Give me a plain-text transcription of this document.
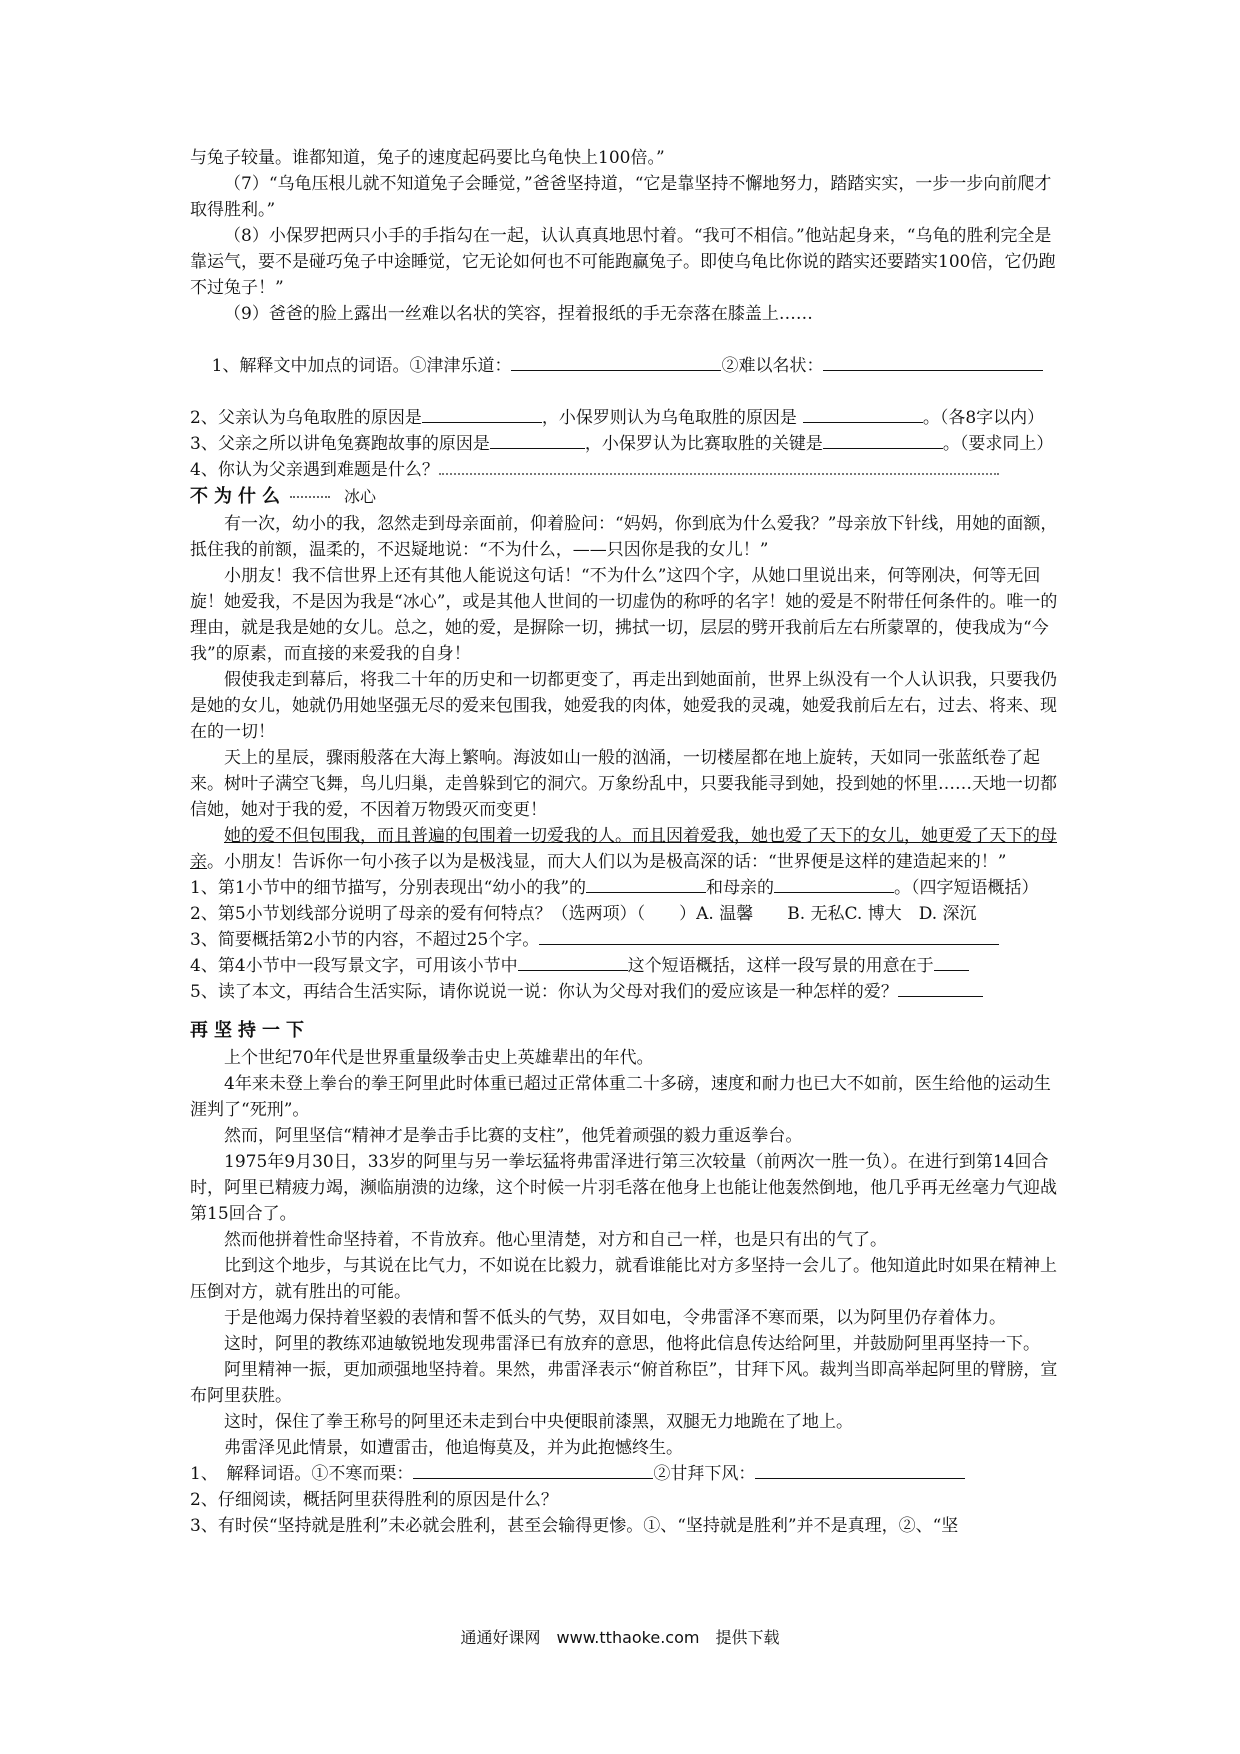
与兔子较量。谁都知道，兔子的速度起码要比乌龟快上100倍。”

（7）“乌龟压根儿就不知道兔子会睡觉，”爸爸坚持道，“它是靠坚持不懈地努力，踏踏实实，一步一步向前爬才取得胜利。”

（8）小保罗把两只小手的手指勾在一起，认认真真地思忖着。“我可不相信。”他站起身来，“乌龟的胜利完全是靠运气，要不是碰巧兔子中途睡觉，它无论如何也不可能跑赢兔子。即使乌龟比你说的踏实还要踏实100倍，它仍跑不过兔子！”

（9）爸爸的脸上露出一丝难以名状的笑容，捏着报纸的手无奈落在膝盖上……

1、解释文中加点的词语。①津津乐道：	②难以名状：

2、父亲认为乌龟取胜的原因是	，小保罗则认为乌龟取胜的原因是	。（各8字以内）

3、父亲之所以讲龟兔赛跑故事的原因是	，小保罗认为比赛取胜的关键是	。（要求同上）

4、你认为父亲遇到难题是什么？

不为什么	冰心

有一次，幼小的我，忽然走到母亲面前，仰着脸问：“妈妈，你到底为什么爱我？”母亲放下针线，用她的面额，抵住我的前额，温柔的，不迟疑地说：“不为什么，——只因你是我的女儿！”

小朋友！我不信世界上还有其他人能说这句话！“不为什么”这四个字，从她口里说出来，何等刚决，何等无回旋！她爱我，不是因为我是“冰心”，或是其他人世间的一切虚伪的称呼的名字！她的爱是不附带任何条件的。唯一的理由，就是我是她的女儿。总之，她的爱，是摒除一切，拂拭一切，层层的劈开我前后左右所蒙罩的，使我成为“今我”的原素，而直接的来爱我的自身！

假使我走到幕后，将我二十年的历史和一切都更变了，再走出到她面前，世界上纵没有一个人认识我，只要我仍是她的女儿，她就仍用她坚强无尽的爱来包围我，她爱我的肉体，她爱我的灵魂，她爱我前后左右，过去、将来、现在的一切！

天上的星辰，骤雨般落在大海上繁响。海波如山一般的汹涌，一切楼屋都在地上旋转，天如同一张蓝纸卷了起来。树叶子满空飞舞，鸟儿归巢，走兽躲到它的洞穴。万象纷乱中，只要我能寻到她，投到她的怀里……天地一切都信她，她对于我的爱，不因着万物毁灭而变更！

她的爱不但包围我，而且普遍的包围着一切爱我的人。而且因着爱我，她也爱了天下的女儿，她更爱了天下的母亲。小朋友！告诉你一句小孩子以为是极浅显，而大人们以为是极高深的话：“世界便是这样的建造起来的！”

1、第1小节中的细节描写，分别表现出“幼小的我”的	和母亲的	。（四字短语概括）

2、第5小节划线部分说明了母亲的爱有何特点？（选两项）（　　）A. 温馨　　B. 无私C. 博大　D. 深沉

3、简要概括第2小节的内容，不超过25个字。

4、第4小节中一段写景文字，可用该小节中	这个短语概括，这样一段写景的用意在于

5、读了本文，再结合生活实际，请你说说一说：你认为父母对我们的爱应该是一种怎样的爱？

再坚持一下

上个世纪70年代是世界重量级拳击史上英雄辈出的年代。

4年来未登上拳台的拳王阿里此时体重已超过正常体重二十多磅，速度和耐力也已大不如前，医生给他的运动生涯判了“死刑”。

然而，阿里坚信“精神才是拳击手比赛的支柱”，他凭着顽强的毅力重返拳台。

1975年9月30日，33岁的阿里与另一拳坛猛将弗雷泽进行第三次较量（前两次一胜一负）。在进行到第14回合时，阿里已精疲力竭，濒临崩溃的边缘，这个时候一片羽毛落在他身上也能让他轰然倒地，他几乎再无丝毫力气迎战第15回合了。

然而他拼着性命坚持着，不肯放弃。他心里清楚，对方和自己一样，也是只有出的气了。

比到这个地步，与其说在比气力，不如说在比毅力，就看谁能比对方多坚持一会儿了。他知道此时如果在精神上压倒对方，就有胜出的可能。

于是他竭力保持着坚毅的表情和誓不低头的气势，双目如电，令弗雷泽不寒而栗，以为阿里仍存着体力。

这时，阿里的教练邓迪敏锐地发现弗雷泽已有放弃的意思，他将此信息传达给阿里，并鼓励阿里再坚持一下。

阿里精神一振，更加顽强地坚持着。果然，弗雷泽表示“俯首称臣”，甘拜下风。裁判当即高举起阿里的臂膀，宣布阿里获胜。

这时，保住了拳王称号的阿里还未走到台中央便眼前漆黑，双腿无力地跪在了地上。

弗雷泽见此情景，如遭雷击，他追悔莫及，并为此抱憾终生。

1、　解释词语。①不寒而栗：	②甘拜下风：

2、仔细阅读，概括阿里获得胜利的原因是什么？

3、有时侯“坚持就是胜利”未必就会胜利，甚至会输得更惨。①、“坚持就是胜利”并不是真理，②、“坚

通通好课网　www.tthaoke.com　提供下载
